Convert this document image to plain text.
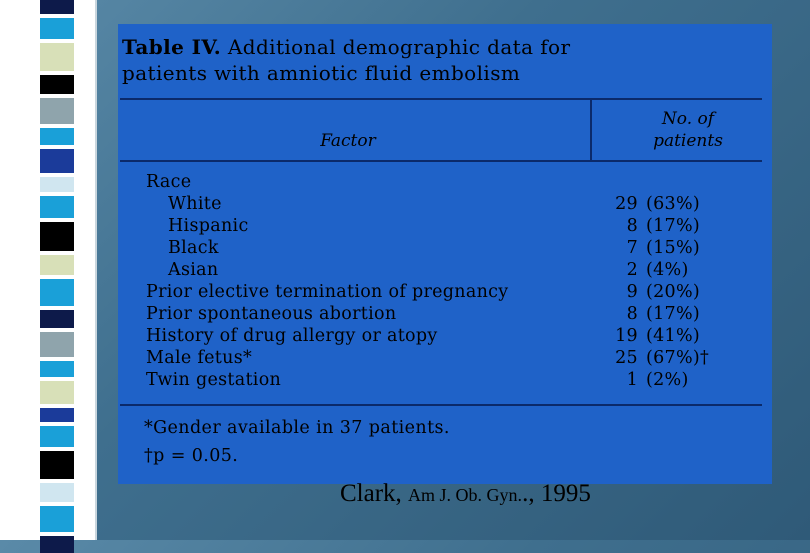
Table IV. Additional demographic data for
patients with amniotic fluid embolism
Factor
No. of
patients
Race
White	29 (63%)
Hispanic	8 (17%)
Black	7 (15%)
Asian	2 (4%)
Prior elective termination of pregnancy	9 (20%)
Prior spontaneous abortion	8 (17%)
History of drug allergy or atopy	19 (41%)
Male fetus*	25 (67%)†
Twin gestation	1 (2%)
*Gender available in 37 patients.
†p = 0.05.
Clark, Am J. Ob. Gyn.., 1995
